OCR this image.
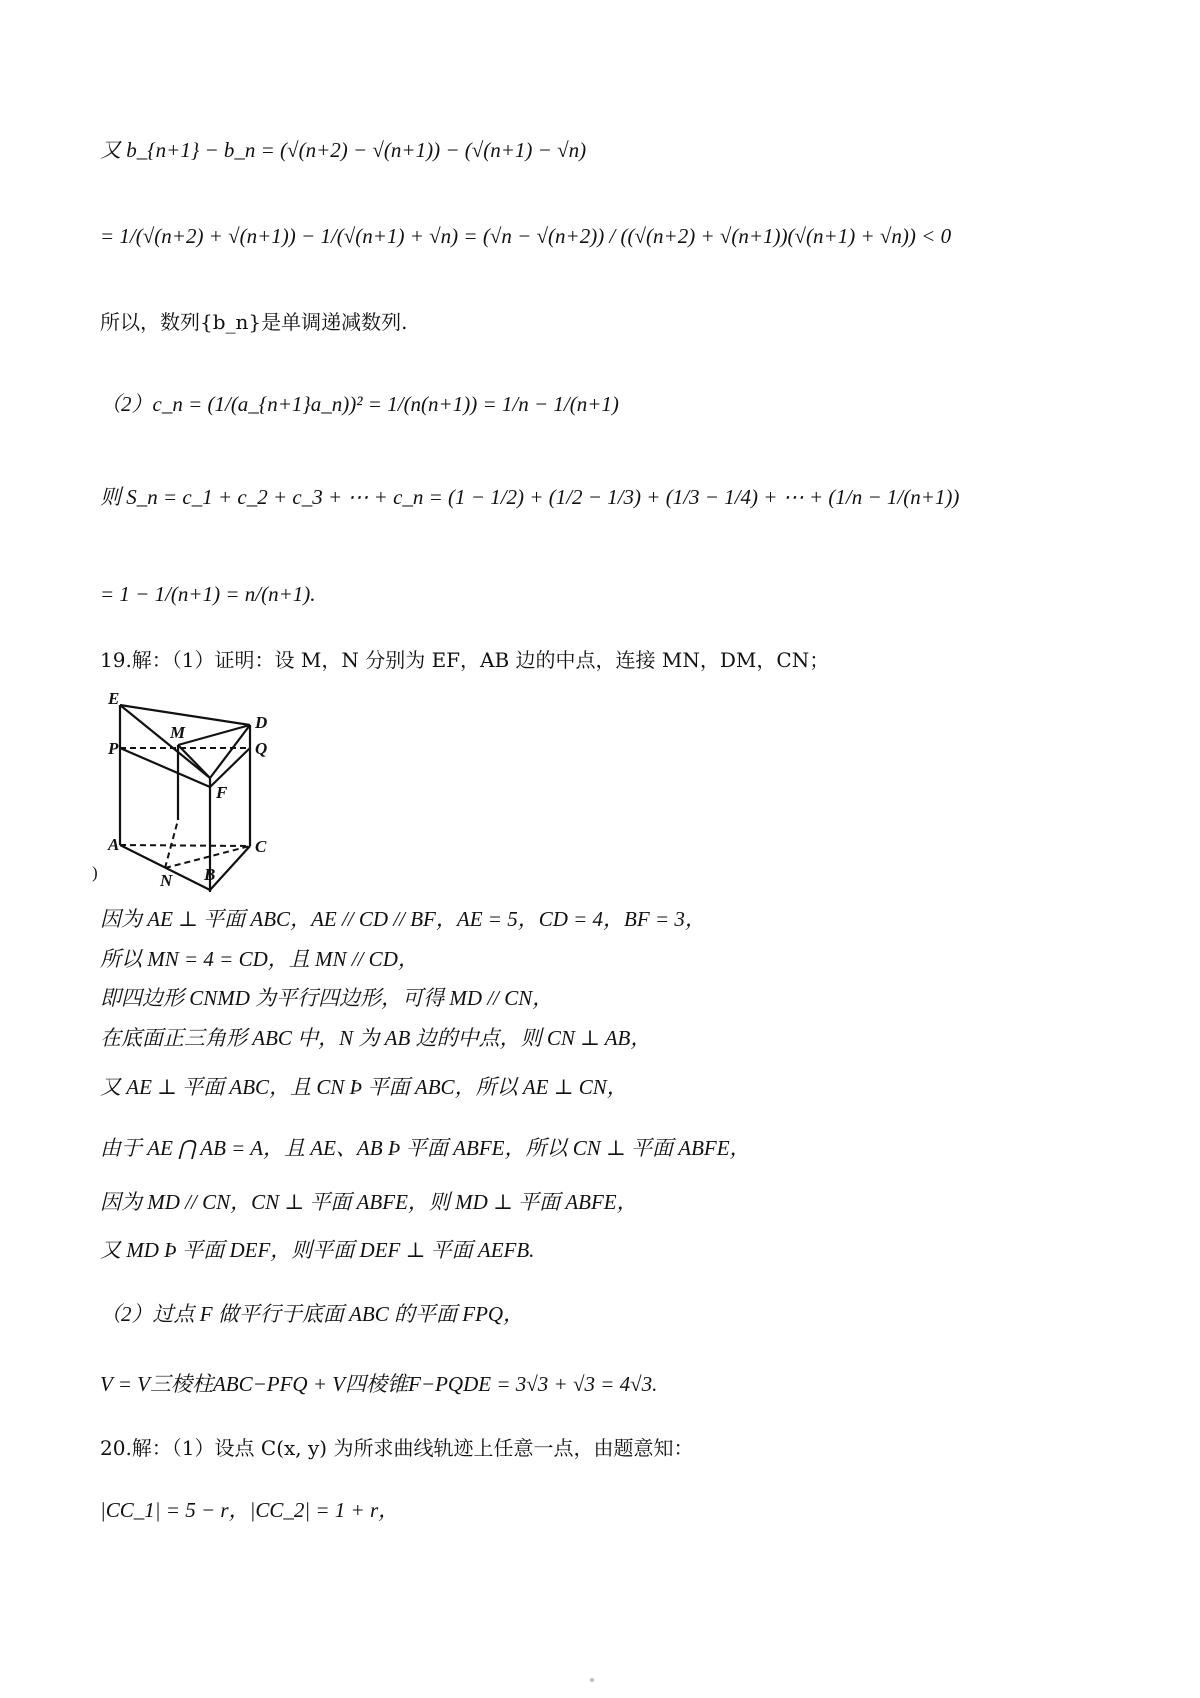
又 b_{n+1} − b_n = (√(n+2) − √(n+1)) − (√(n+1) − √n)
= 1/(√(n+2) + √(n+1)) − 1/(√(n+1) + √n) = (√n − √(n+2)) / ((√(n+2) + √(n+1))(√(n+1) + √n)) < 0
所以，数列{b_n}是单调递减数列.
（2）c_n = (1/(a_{n+1}a_n))² = 1/(n(n+1)) = 1/n − 1/(n+1)
则 S_n = c_1 + c_2 + c_3 + ⋯ + c_n = (1 − 1/2) + (1/2 − 1/3) + (1/3 − 1/4) + ⋯ + (1/n − 1/(n+1))
= 1 − 1/(n+1) = n/(n+1).
19.解：（1）证明：设 M，N 分别为 EF，AB 边的中点，连接 MN，DM，CN；
E
M
D
P	Q
F
A	C
N B
)
因为 AE ⊥ 平面 ABC，AE // CD // BF，AE = 5，CD = 4，BF = 3，
所以 MN = 4 = CD，且 MN // CD，
即四边形 CNMD 为平行四边形，可得 MD // CN，
在底面正三角形 ABC 中，N 为 AB 边的中点，则 CN ⊥ AB，
又 AE ⊥ 平面 ABC，且 CN Þ 平面 ABC，所以 AE ⊥ CN，
由于 AE ⋂ AB = A，且 AE、AB Þ 平面 ABFE，所以 CN ⊥ 平面 ABFE，
因为 MD // CN，CN ⊥ 平面 ABFE，则 MD ⊥ 平面 ABFE，
又 MD Þ 平面 DEF，则平面 DEF ⊥ 平面 AEFB.
（2）过点 F 做平行于底面 ABC 的平面 FPQ，
V = V三棱柱ABC−PFQ + V四棱锥F−PQDE = 3√3 + √3 = 4√3.
20.解：（1）设点 C(x, y) 为所求曲线轨迹上任意一点，由题意知：
|CC_1| = 5 − r，|CC_2| = 1 + r，
